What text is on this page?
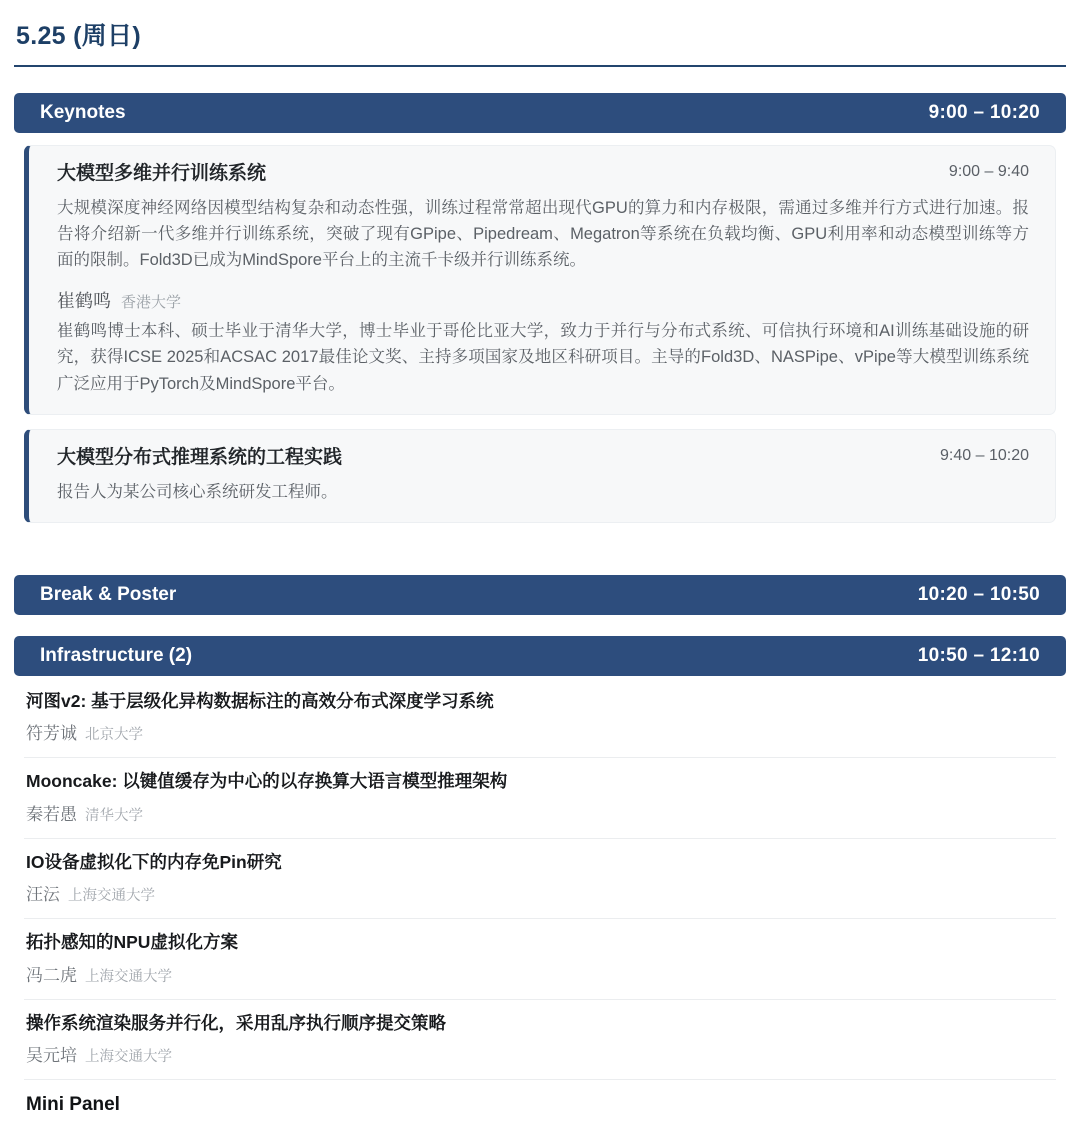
5.25 (周日)
Keynotes	9:00 – 10:20
大模型多维并行训练系统	9:00 – 9:40

大规模深度神经网络因模型结构复杂和动态性强，训练过程常常超出现代GPU的算力和内存极限，需通过多维并行方式进行加速。报告将介绍新一代多维并行训练系统，突破了现有GPipe、Pipedream、Megatron等系统在负载均衡、GPU利用率和动态模型训练等方面的限制。Fold3D已成为MindSpore平台上的主流千卡级并行训练系统。

崔鹤鸣 香港大学

崔鹤鸣博士本科、硕士毕业于清华大学，博士毕业于哥伦比亚大学，致力于并行与分布式系统、可信执行环境和AI训练基础设施的研究，获得ICSE 2025和ACSAC 2017最佳论文奖、主持多项国家及地区科研项目。主导的Fold3D、NASPipe、vPipe等大模型训练系统广泛应用于PyTorch及MindSpore平台。

大模型分布式推理系统的工程实践	9:40 – 10:20

报告人为某公司核心系统研发工程师。

Break & Poster	10:20 – 10:50
Infrastructure (2)	10:50 – 12:10

河图v2: 基于层级化异构数据标注的高效分布式深度学习系统

符芳诚 北京大学

Mooncake: 以键值缓存为中心的以存换算大语言模型推理架构

秦若愚 清华大学

IO设备虚拟化下的内存免Pin研究

汪沄 上海交通大学

拓扑感知的NPU虚拟化方案

冯二虎 上海交通大学

操作系统渲染服务并行化，采用乱序执行顺序提交策略

吴元培 上海交通大学

Mini Panel
